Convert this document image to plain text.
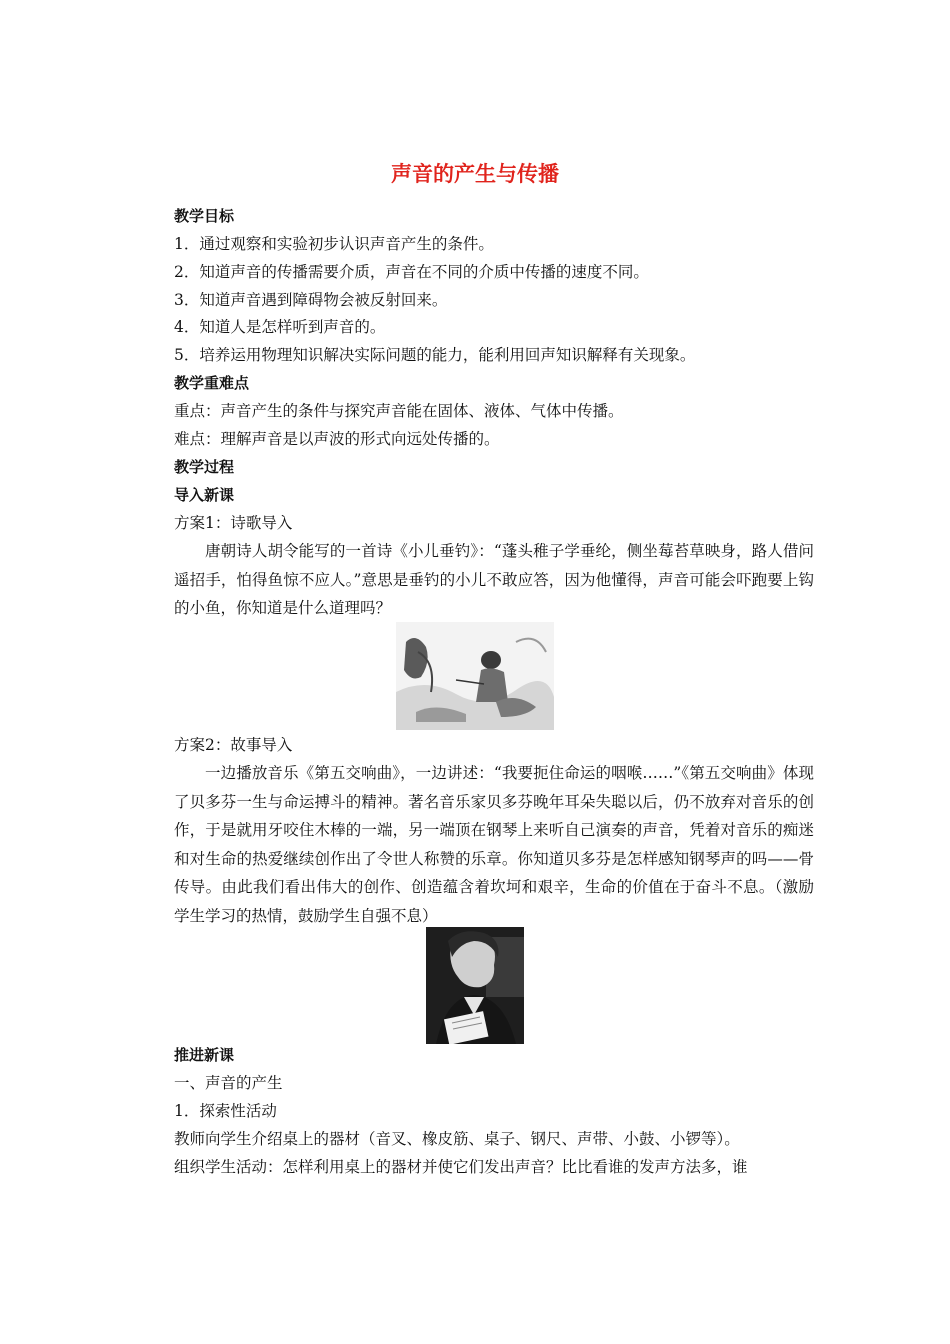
声音的产生与传播
教学目标
1．通过观察和实验初步认识声音产生的条件。
2．知道声音的传播需要介质，声音在不同的介质中传播的速度不同。
3．知道声音遇到障碍物会被反射回来。
4．知道人是怎样听到声音的。
5．培养运用物理知识解决实际问题的能力，能利用回声知识解释有关现象。
教学重难点
重点：声音产生的条件与探究声音能在固体、液体、气体中传播。
难点：理解声音是以声波的形式向远处传播的。
教学过程
导入新课
方案1：诗歌导入
唐朝诗人胡令能写的一首诗《小儿垂钓》：“蓬头稚子学垂纶，侧坐莓苔草映身，路人借问遥招手，怕得鱼惊不应人。”意思是垂钓的小儿不敢应答，因为他懂得，声音可能会吓跑要上钩的小鱼，你知道是什么道理吗？
方案2：故事导入
一边播放音乐《第五交响曲》，一边讲述：“我要扼住命运的咽喉……”《第五交响曲》体现了贝多芬一生与命运搏斗的精神。著名音乐家贝多芬晚年耳朵失聪以后，仍不放弃对音乐的创作，于是就用牙咬住木棒的一端，另一端顶在钢琴上来听自己演奏的声音，凭着对音乐的痴迷和对生命的热爱继续创作出了令世人称赞的乐章。你知道贝多芬是怎样感知钢琴声的吗——骨传导。由此我们看出伟大的创作、创造蕴含着坎坷和艰辛，生命的价值在于奋斗不息。（激励学生学习的热情，鼓励学生自强不息）
推进新课
一、声音的产生
1．探索性活动
教师向学生介绍桌上的器材（音叉、橡皮筋、桌子、钢尺、声带、小鼓、小锣等）。
组织学生活动：怎样利用桌上的器材并使它们发出声音？比比看谁的发声方法多，谁
